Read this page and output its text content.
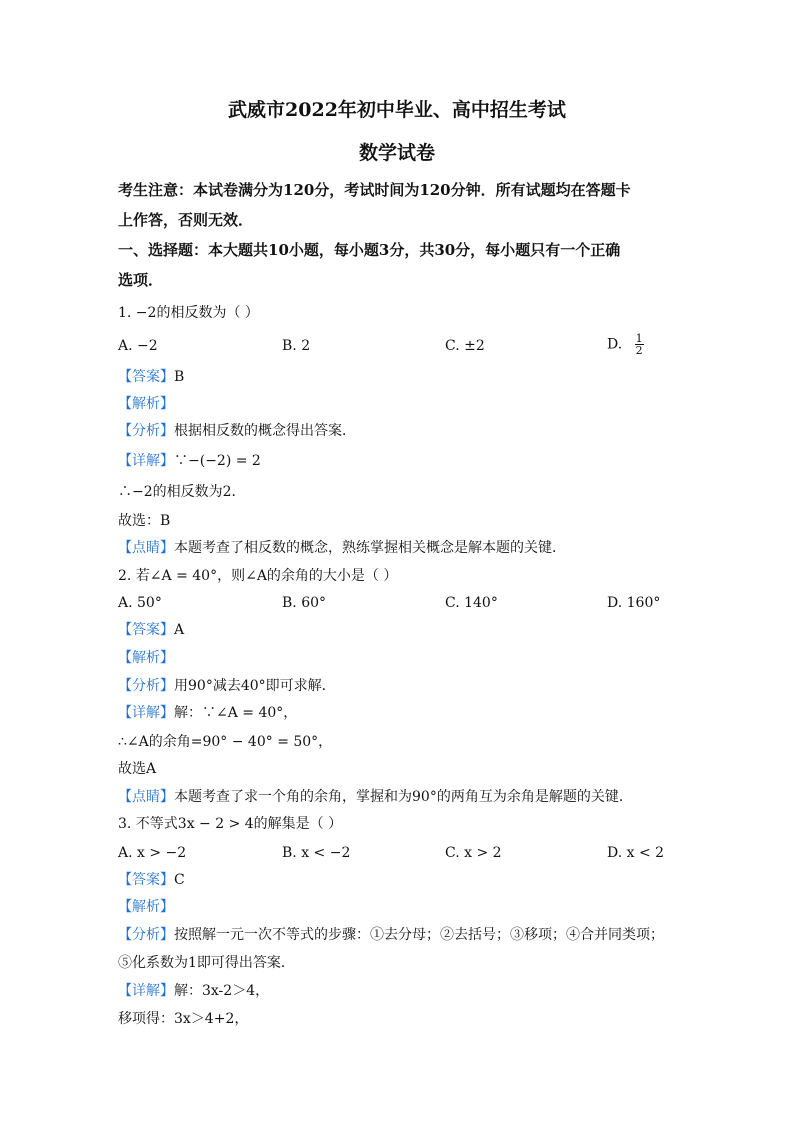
武威市2022年初中毕业、高中招生考试
数学试卷
考生注意：本试卷满分为120分，考试时间为120分钟．所有试题均在答题卡
上作答，否则无效．
一、选择题：本大题共10小题，每小题3分，共30分，每小题只有一个正确
选项．
1. −2的相反数为（ ）
A. −2	B. 2	C. ±2	D. $\frac{1}{2}$
【答案】B
【解析】
【分析】根据相反数的概念得出答案．
【详解】∵−(−2) = 2
∴−2的相反数为2．
故选：B
【点睛】本题考查了相反数的概念，熟练掌握相关概念是解本题的关键．
2. 若∠A = 40°，则∠A的余角的大小是（ ）
A. 50°	B. 60°	C. 140°	D. 160°
【答案】A
【解析】
【分析】用90°减去40°即可求解．
【详解】解：∵∠A = 40°，
∴∠A的余角=90° − 40° = 50°，
故选A
【点睛】本题考查了求一个角的余角，掌握和为90°的两角互为余角是解题的关键．
3. 不等式3x − 2 > 4的解集是（ ）
A. x > −2	B. x < −2	C. x > 2	D. x < 2
【答案】C
【解析】
【分析】按照解一元一次不等式的步骤：①去分母；②去括号；③移项；④合并同类项；
⑤化系数为1即可得出答案．
【详解】解：3x-2＞4，
移项得：3x＞4+2，
